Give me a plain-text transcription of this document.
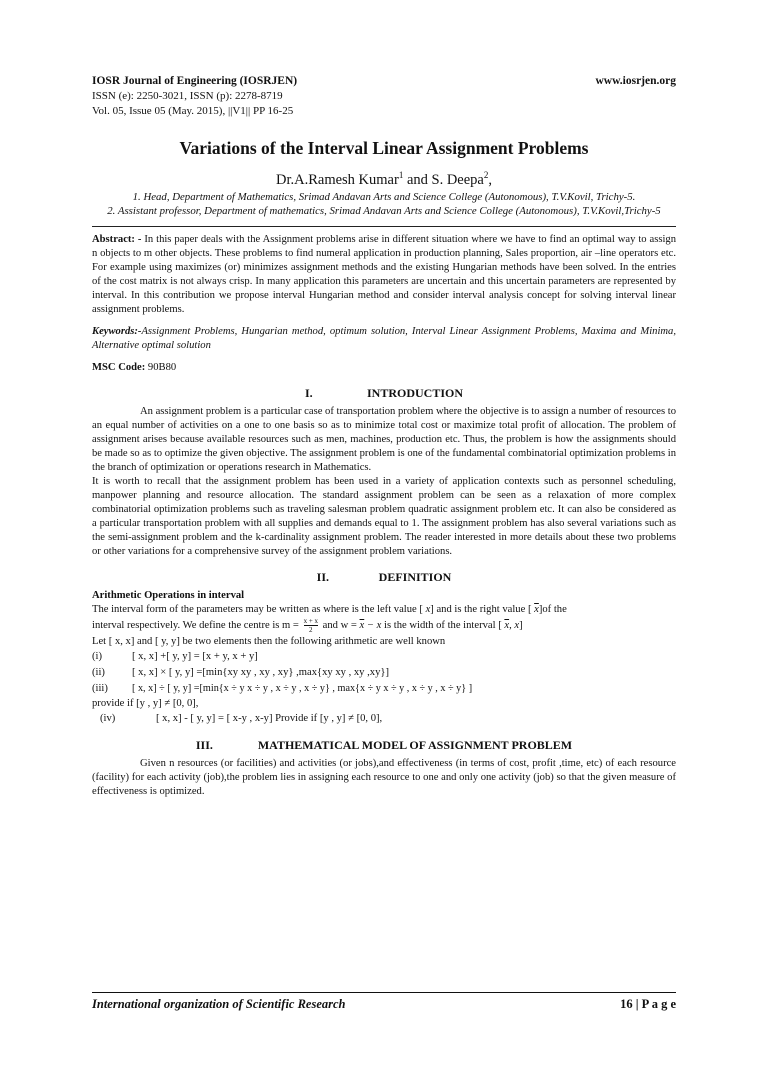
IOSR Journal of Engineering (IOSRJEN)	www.iosrjen.org
ISSN (e): 2250-3021, ISSN (p): 2278-8719
Vol. 05, Issue 05 (May. 2015), ||V1|| PP 16-25
Variations of the Interval Linear Assignment Problems
Dr.A.Ramesh Kumar$^1$ and S. Deepa$^2$,
1. Head, Department of Mathematics, Srimad Andavan Arts and Science College (Autonomous), T.V.Kovil, Trichy-5.
2. Assistant professor, Department of mathematics, Srimad Andavan Arts and Science College (Autonomous), T.V.Kovil,Trichy-5
Abstract: - In this paper deals with the Assignment problems arise in different situation where we have to find an optimal way to assign n objects to m other objects. These problems to find numeral application in production planning, Sales proportion, air –line operators etc. For example using maximizes (or) minimizes assignment methods and the existing Hungarian methods have been solved. In the entries of the cost matrix is not always crisp. In many application this parameters are uncertain and this uncertain parameters are represented by interval. In this contribution we propose interval Hungarian method and consider interval analysis concept for solving interval linear assignment problems.
Keywords:-Assignment Problems, Hungarian method, optimum solution, Interval Linear Assignment Problems, Maxima and Minima, Alternative optimal solution
MSC Code: 90B80
I.	INTRODUCTION
An assignment problem is a particular case of transportation problem where the objective is to assign a number of resources to an equal number of activities on a one to one basis so as to minimize total cost or maximize total profit of allocation. The problem of assignment arises because available resources such as men, machines, production etc. Thus, the problem is how the assignments should be made so as to optimize the given objective. The assignment problem is one of the fundamental combinatorial optimization problems in the branch of optimization or operations research in Mathematics.
It is worth to recall that the assignment problem has been used in a variety of application contexts such as personnel scheduling, manpower planning and resource allocation. The standard assignment problem can be seen as a relaxation of more complex combinatorial optimization problems such as traveling salesman problem quadratic assignment problem etc. It can also be considered as a particular transportation problem with all supplies and demands equal to 1. The assignment problem has also several variations such as the semi-assignment problem and the k-cardinality assignment problem. The reader interested in more details about these two problems or other variations for a comprehensive survey of the assignment problem variations.
II.	DEFINITION
Arithmetic Operations in interval
The interval form of the parameters may be written as where is the left value [ x] and is the right value [ $\overline{x}]of$ the
interval respectively. We define the centre is $m = \frac{x + x}{2}$ and $w = \overline{x} - x$ is the width of the interval [ $\overline{x}$, x]
Let [ x, x] and [ y, y] be two elements then the following arithmetic are well known
(i)	[ x, x] +[ y, y] = [x + y, x + y]
(ii)	[ x, x] × [ y, y] =[min{xy xy , xy , xy} ,max{xy xy , xy ,xy}]
(iii)	[ x, x] ÷ [ y, y] =[min{x ÷ y x ÷ y , x ÷ y , x ÷ y} , max{x ÷ y x ÷ y , x ÷ y , x ÷ y} ]
provide if [y , y] ≠ [0, 0],
(iv)	[ x, x] - [ y, y] = [ x-y , x-y] Provide if [y , y] ≠ [0, 0],
III.	MATHEMATICAL MODEL OF ASSIGNMENT PROBLEM
Given n resources (or facilities) and activities (or jobs),and effectiveness (in terms of cost, profit ,time, etc) of each resource (facility) for each activity (job),the problem lies in assigning each resource to one and only one activity (job) so that the given measure of effectiveness is optimized.
International organization of Scientific Research	16 | P a g e
